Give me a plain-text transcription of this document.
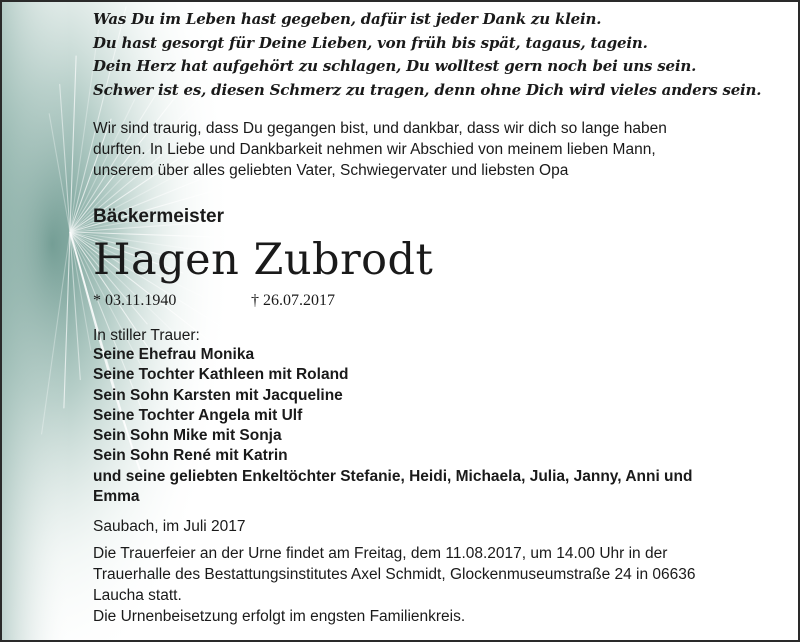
Was Du im Leben hast gegeben, dafür ist jeder Dank zu klein.
Du hast gesorgt für Deine Lieben, von früh bis spät, tagaus, tagein.
Dein Herz hat aufgehört zu schlagen, Du wolltest gern noch bei uns sein.
Schwer ist es, diesen Schmerz zu tragen, denn ohne Dich wird vieles anders sein.
Wir sind traurig, dass Du gegangen bist, und dankbar, dass wir dich so lange haben
durften. In Liebe und Dankbarkeit nehmen wir Abschied von meinem lieben Mann,
unserem über alles geliebten Vater, Schwiegervater und liebsten Opa
Bäckermeister
Hagen Zubrodt
* 03.11.1940	† 26.07.2017
In stiller Trauer:
Seine Ehefrau Monika
Seine Tochter Kathleen mit Roland
Sein Sohn Karsten mit Jacqueline
Seine Tochter Angela mit Ulf
Sein Sohn Mike mit Sonja
Sein Sohn René mit Katrin
und seine geliebten Enkeltöchter Stefanie, Heidi, Michaela, Julia, Janny, Anni und
Emma
Saubach, im Juli 2017
Die Trauerfeier an der Urne findet am Freitag, dem 11.08.2017, um 14.00 Uhr in der
Trauerhalle des Bestattungsinstitutes Axel Schmidt, Glockenmuseumstraße 24 in 06636
Laucha statt.
Die Urnenbeisetzung erfolgt im engsten Familienkreis.
